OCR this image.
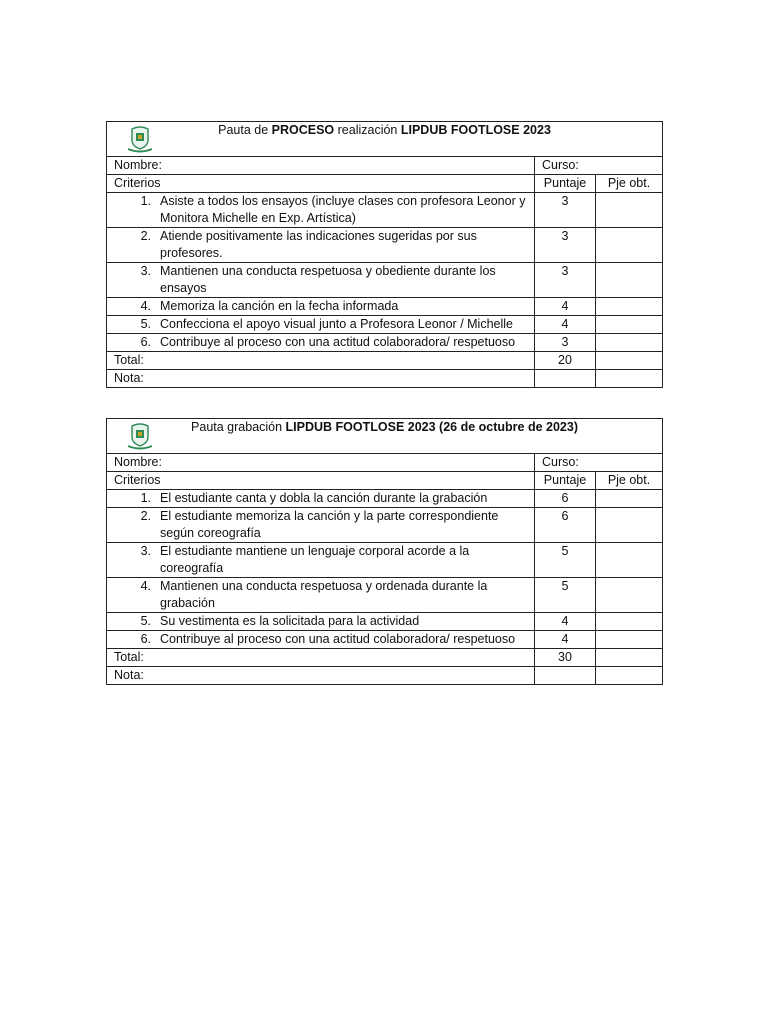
Pauta de PROCESO realización LIPDUB FOOTLOSE 2023		

Nombre:	Curso:	
Criterios	Puntaje	Pje obt.

1. Asiste a todos los ensayos (incluye clases con profesora Leonor y Monitora Michelle en Exp. Artística)	3	

2. Atiende positivamente las indicaciones sugeridas por sus profesores.	3	

3. Mantienen una conducta respetuosa y obediente durante los ensayos	3	

4. Memoriza la canción en la fecha informada	4	

5. Confecciona el apoyo visual junto a Profesora Leonor / Michelle	4	

6. Contribuye al proceso con una actitud colaboradora/ respetuoso	3	
Total:	20	
Nota:		
Pauta grabación LIPDUB FOOTLOSE 2023 (26 de octubre de 2023)		

Nombre:	Curso:	
Criterios	Puntaje	Pje obt.

1. El estudiante canta y dobla la canción durante la grabación	6	

2. El estudiante memoriza la canción y la parte correspondiente según coreografía	6	

3. El estudiante mantiene un lenguaje corporal acorde a la coreografía	5	

4. Mantienen una conducta respetuosa y ordenada durante la grabación	5	

5. Su vestimenta es la solicitada para la actividad	4	

6. Contribuye al proceso con una actitud colaboradora/ respetuoso	4	
Total:	30	
Nota:		
